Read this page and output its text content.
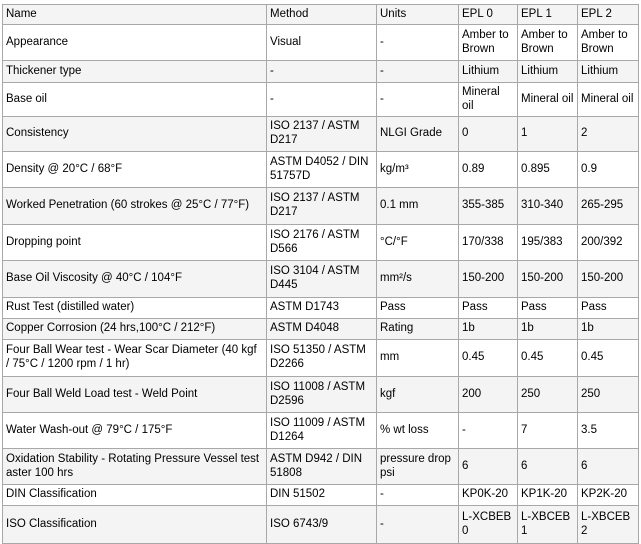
Name	Method	Units	EPL 0	EPL 1	EPL 2
Appearance	Visual	-	Amber to Brown	Amber to Brown	Amber to Brown
Thickener type	-	-	Lithium	Lithium	Lithium
Base oil	-	-	Mineral oil	Mineral oil	Mineral oil
Consistency	ISO 2137 / ASTM D217	NLGI Grade	0	1	2
Density @ 20°C / 68°F	ASTM D4052 / DIN 51757D	kg/m³	0.89	0.895	0.9
Worked Penetration (60 strokes @ 25°C / 77°F)	ISO 2137 / ASTM D217	0.1 mm	355-385	310-340	265-295
Dropping point	ISO 2176 / ASTM D566	°C/°F	170/338	195/383	200/392
Base Oil Viscosity @ 40°C / 104°F	ISO 3104 / ASTM D445	mm²/s	150-200	150-200	150-200
Rust Test (distilled water)	ASTM D1743	Pass	Pass	Pass	Pass
Copper Corrosion (24 hrs,100°C / 212°F)	ASTM D4048	Rating	1b	1b	1b
Four Ball Wear test - Wear Scar Diameter (40 kgf / 75°C / 1200 rpm / 1 hr)	ISO 51350 / ASTM D2266	mm	0.45	0.45	0.45
Four Ball Weld Load test - Weld Point	ISO 11008 / ASTM D2596	kgf	200	250	250
Water Wash-out @ 79°C / 175°F	ISO 11009 / ASTM D1264	% wt loss	-	7	3.5
Oxidation Stability - Rotating Pressure Vessel test aster 100 hrs	ASTM D942 / DIN 51808	pressure drop psi	6	6	6
DIN Classification	DIN 51502	-	KP0K-20	KP1K-20	KP2K-20
ISO Classification	ISO 6743/9	-	L-XCBEB 0	L-XBCEB 1	L-XBCEB 2
